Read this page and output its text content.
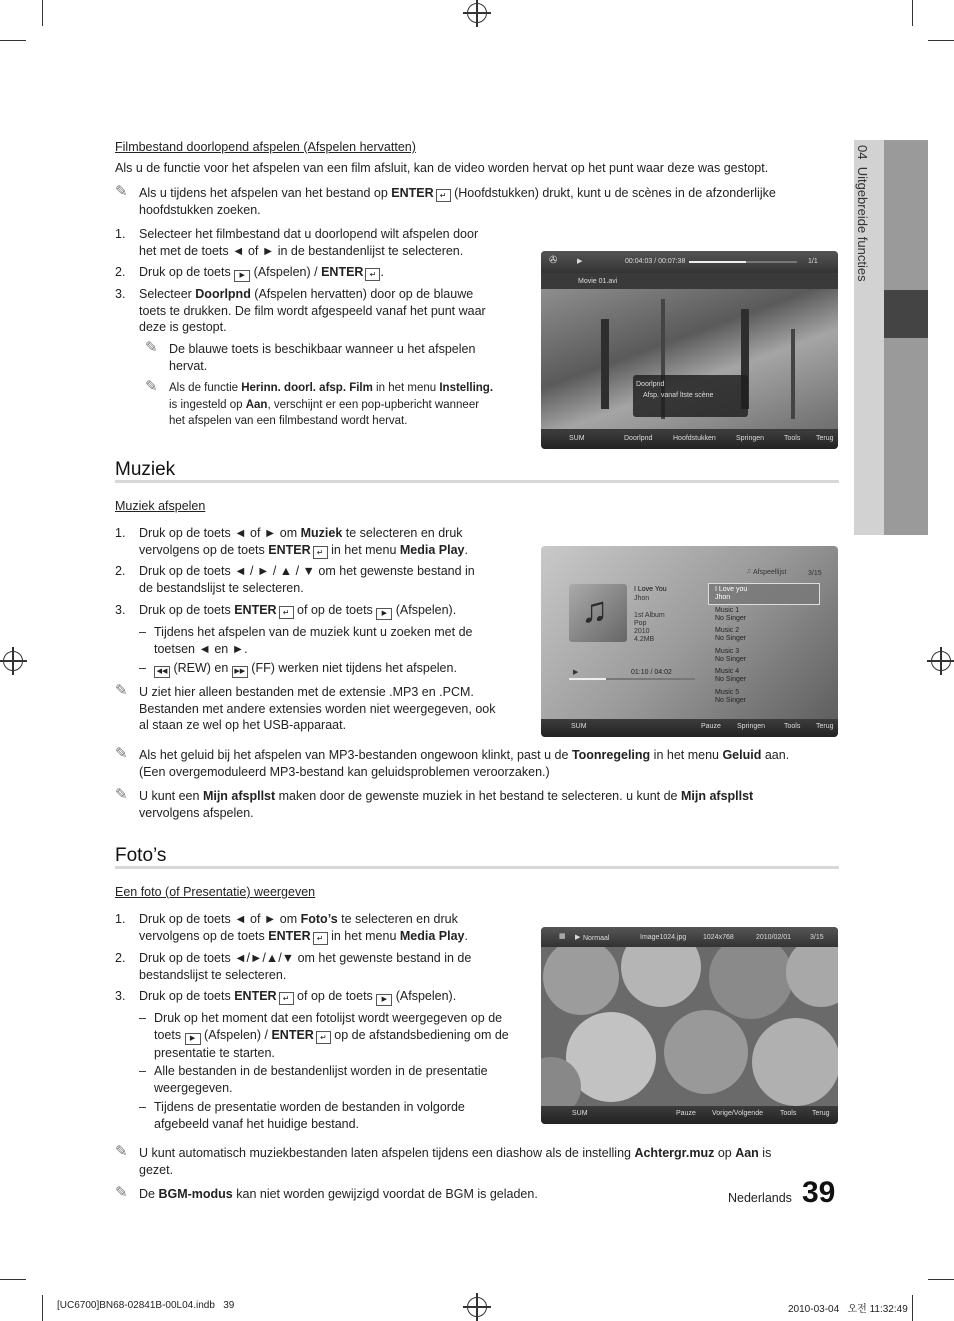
04  Uitgebreide functies
Filmbestand doorlopend afspelen (Afspelen hervatten)
Als u de functie voor het afspelen van een film afsluit, kan de video worden hervat op het punt waar deze was gestopt.
✎ Als u tijdens het afspelen van het bestand op ENTER ↵ (Hoofdstukken) drukt, kunt u de scènes in de afzonderlijke
hoofdstukken zoeken.
1.	Selecteer het filmbestand dat u doorlopend wilt afspelen door
het met de toets ◄ of ► in de bestandenlijst te selecteren.
2.	Druk op de toets ▶ (Afspelen) / ENTER ↵ .
3.	Selecteer Doorlpnd (Afspelen hervatten) door op de blauwe
toets te drukken. De film wordt afgespeeld vanaf het punt waar
deze is gestopt.
✎ De blauwe toets is beschikbaar wanneer u het afspelen
hervat.
✎ Als de functie Herinn. doorl. afsp. Film in het menu Instelling.
is ingesteld op Aan, verschijnt er een pop-upbericht wanneer
het afspelen van een filmbestand wordt hervat.
✇	▶	00:04:03 / 00:07:38	1/1
Movie 01.avi
Doorlpnd
Afsp. vanaf ltste scène
SUM	Doorlpnd	Hoofdstukken	Springen	Tools Terug
Muziek
Muziek afspelen
1.	Druk op de toets ◄ of ► om Muziek te selecteren en druk
vervolgens op de toets ENTER ↵ in het menu Media Play.
2.	Druk op de toets ◄ / ► / ▲ / ▼ om het gewenste bestand in
de bestandslijst te selecteren.
3.	Druk op de toets ENTER ↵ of op de toets ▶ (Afspelen).
– Tijdens het afspelen van de muziek kunt u zoeken met de
toetsen ◄ en ►.
–	◀◀ (REW) en ▶▶ (FF) werken niet tijdens het afspelen.
✎ U ziet hier alleen bestanden met de extensie .MP3 en .PCM.
Bestanden met andere extensies worden niet weergegeven, ook
al staan ze wel op het USB-apparaat.
✎ Als het geluid bij het afspelen van MP3-bestanden ongewoon klinkt, past u de Toonregeling in het menu Geluid aan.
(Een overgemoduleerd MP3-bestand kan geluidsproblemen veroorzaken.)
✎ U kunt een Mijn afspllst maken door de gewenste muziek in het bestand te selecteren. u kunt de Mijn afspllst
vervolgens afspelen.
♫ Afspeellijst	3/15
♫	I Love You
Jhon
1st Album
Pop
2010
4.2MB
▶	01:10 / 04:02
I Love you
Jhon
Music 1
No Singer
Music 2
No Singer
Music 3
No Singer
Music 4
No Singer
Music 5
No Singer
SUM	Pauze Springen	Tools Terug
Foto’s
Een foto (of Presentatie) weergeven
1.	Druk op de toets ◄ of ► om Foto’s te selecteren en druk
vervolgens op de toets ENTER ↵ in het menu Media Play.
2.	Druk op de toets ◄/►/▲/▼ om het gewenste bestand in de
bestandslijst te selecteren.
3.	Druk op de toets ENTER ↵ of op de toets ▶ (Afspelen).
– Druk op het moment dat een fotolijst wordt weergegeven op de
toets ▶ (Afspelen) / ENTER ↵ op de afstandsbediening om de
presentatie te starten.
– Alle bestanden in de bestandenlijst worden in de presentatie
weergegeven.
– Tijdens de presentatie worden de bestanden in volgorde
afgebeeld vanaf het huidige bestand.
✎ U kunt automatisch muziekbestanden laten afspelen tijdens een diashow als de instelling Achtergr.muz op Aan is
gezet.
✎ De BGM-modus kan niet worden gewijzigd voordat de BGM is geladen.
▦ ▶ Normaal	Image1024.jpg 1024x768	2010/02/01	3/15
SUM	Pauze Vorige/Volgende Tools Terug
Nederlands 39
[UC6700]BN68-02841B-00L04.indb   39	2010-03-04   오전 11:32:49
